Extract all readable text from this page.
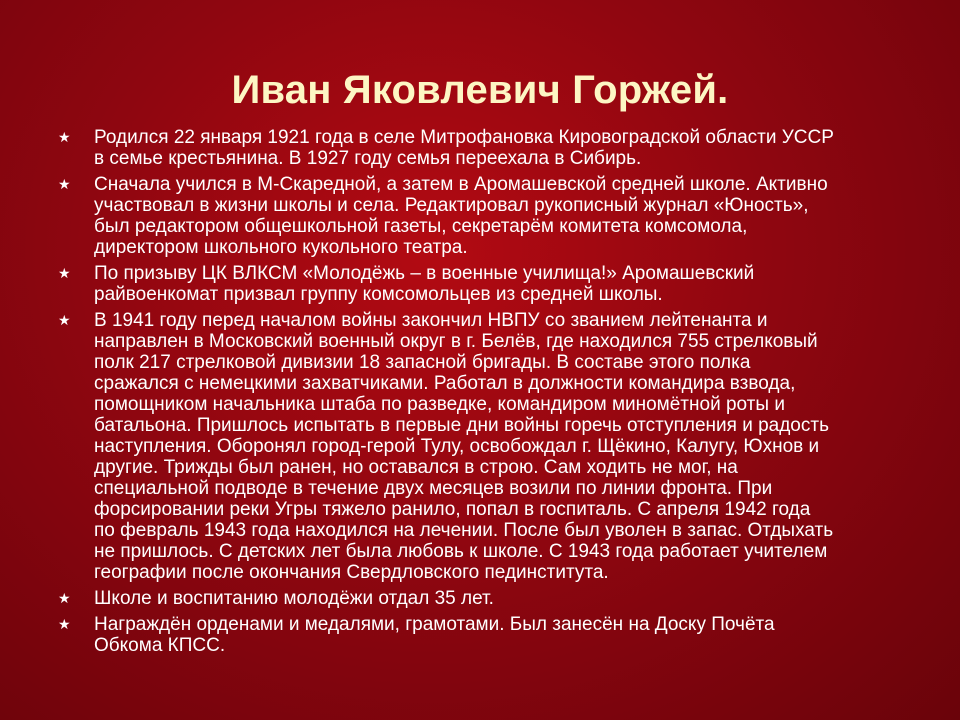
Иван Яковлевич Горжей.
★ Родился 22 января 1921 года в селе Митрофановка Кировоградской области УССР
в семье крестьянина. В 1927 году семья переехала в Сибирь.
★ Сначала учился в М-Скаредной, а затем в Аромашевской средней школе. Активно
участвовал в жизни школы и села. Редактировал рукописный журнал «Юность»,
был редактором общешкольной газеты, секретарём комитета комсомола,
директором школьного кукольного театра.
★ По призыву ЦК ВЛКСМ «Молодёжь – в военные училища!» Аромашевский
райвоенкомат призвал группу комсомольцев из средней школы.
★ В 1941 году перед началом войны закончил НВПУ со званием лейтенанта и
направлен в Московский военный округ в г. Белёв, где находился 755 стрелковый
полк 217 стрелковой дивизии 18 запасной бригады. В составе этого полка
сражался с немецкими захватчиками. Работал в должности командира взвода,
помощником начальника штаба по разведке, командиром миномётной роты и
батальона. Пришлось испытать в первые дни войны горечь отступления и радость
наступления. Оборонял город-герой Тулу, освобождал г. Щёкино, Калугу, Юхнов и
другие. Трижды был ранен, но оставался в строю. Сам ходить не мог, на
специальной подводе в течение двух месяцев возили по линии фронта. При
форсировании реки Угры тяжело ранило, попал в госпиталь. С апреля 1942 года
по февраль 1943 года находился на лечении. После был уволен в запас. Отдыхать
не пришлось. С детских лет была любовь к школе. С 1943 года работает учителем
географии после окончания Свердловского пединститута.
★ Школе и воспитанию молодёжи отдал 35 лет.
★ Награждён орденами и медалями, грамотами. Был занесён на Доску Почёта
Обкома КПСС.
